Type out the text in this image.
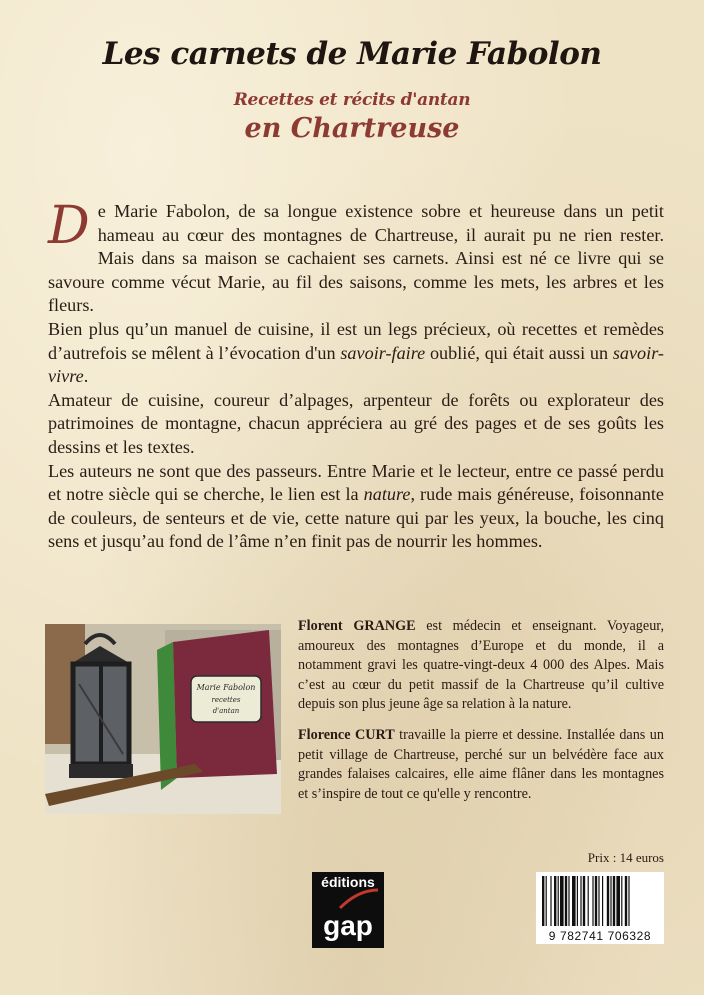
Les carnets de Marie Fabolon
Recettes et récits d'antan
en Chartreuse

De Marie Fabolon, de sa longue existence sobre et heureuse dans un petit hameau au cœur des montagnes de Chartreuse, il aurait pu ne rien rester. Mais dans sa maison se cachaient ses carnets. Ainsi est né ce livre qui se savoure comme vécut Marie, au fil des saisons, comme les mets, les arbres et les fleurs.

Bien plus qu’un manuel de cuisine, il est un legs précieux, où recettes et remèdes d’autrefois se mêlent à l’évocation d'un savoir-faire oublié, qui était aussi un savoir-vivre.

Amateur de cuisine, coureur d’alpages, arpenteur de forêts ou explorateur des patrimoines de montagne, chacun appréciera au gré des pages et de ses goûts les dessins et les textes.

Les auteurs ne sont que des passeurs. Entre Marie et le lecteur, entre ce passé perdu et notre siècle qui se cherche, le lien est la nature, rude mais généreuse, foisonnante de couleurs, de senteurs et de vie, cette nature qui par les yeux, la bouche, les cinq sens et jusqu’au fond de l’âme n’en finit pas de nourrir les hommes.

Marie Fabolon
recettes
d'antan

Florent GRANGE est médecin et enseignant. Voyageur, amoureux des montagnes d’Europe et du monde, il a notamment gravi les quatre-vingt-deux 4 000 des Alpes. Mais c’est au cœur du petit massif de la Chartreuse qu’il cultive depuis son plus jeune âge sa relation à la nature.

Florence CURT travaille la pierre et dessine. Installée dans un petit village de Chartreuse, perché sur un belvédère face aux grandes falaises calcaires, elle aime flâner dans les montagnes et s’inspire de tout ce qu'elle y rencontre.

éditions
gap
Prix : 14 euros
9 782741 706328
